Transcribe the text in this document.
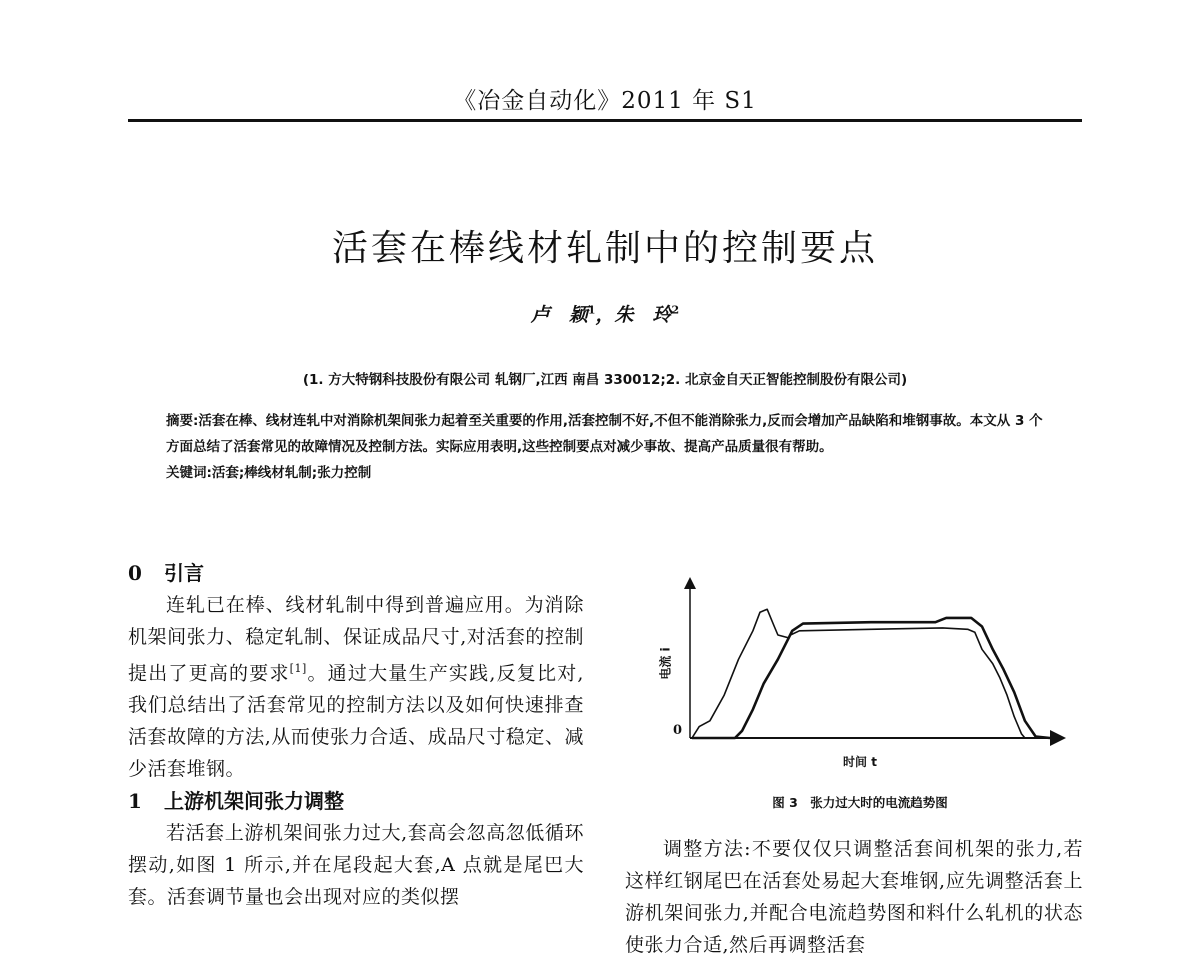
《冶金自动化》2011 年 S1
活套在棒线材轧制中的控制要点
卢　颖$^1$，朱　玲$^2$
(1. 方大特钢科技股份有限公司 轧钢厂,江西 南昌 330012;2. 北京金自天正智能控制股份有限公司)

摘要:活套在棒、线材连轧中对消除机架间张力起着至关重要的作用,活套控制不好,不但不能消除张力,反而会增加产品缺陷和堆钢事故。本文从 3 个方面总结了活套常见的故障情况及控制方法。实际应用表明,这些控制要点对减少事故、提高产品质量很有帮助。

关键词:活套;棒线材轧制;张力控制

0 引言

连轧已在棒、线材轧制中得到普遍应用。为消除机架间张力、稳定轧制、保证成品尺寸,对活套的控制提出了更高的要求[1]。通过大量生产实践,反复比对,我们总结出了活套常见的控制方法以及如何快速排查活套故障的方法,从而使张力合适、成品尺寸稳定、减少活套堆钢。

1 上游机架间张力调整

若活套上游机架间张力过大,套高会忽高忽低循环摆动,如图 1 所示,并在尾段起大套,A 点就是尾巴大套。活套调节量也会出现对应的类似摆

电流 i
0
时间 t
图 3　张力过大时的电流趋势图

调整方法:不要仅仅只调整活套间机架的张力,若这样红钢尾巴在活套处易起大套堆钢,应先调整活套上游机架间张力,并配合电流趋势图和料什么轧机的状态使张力合适,然后再调整活套
